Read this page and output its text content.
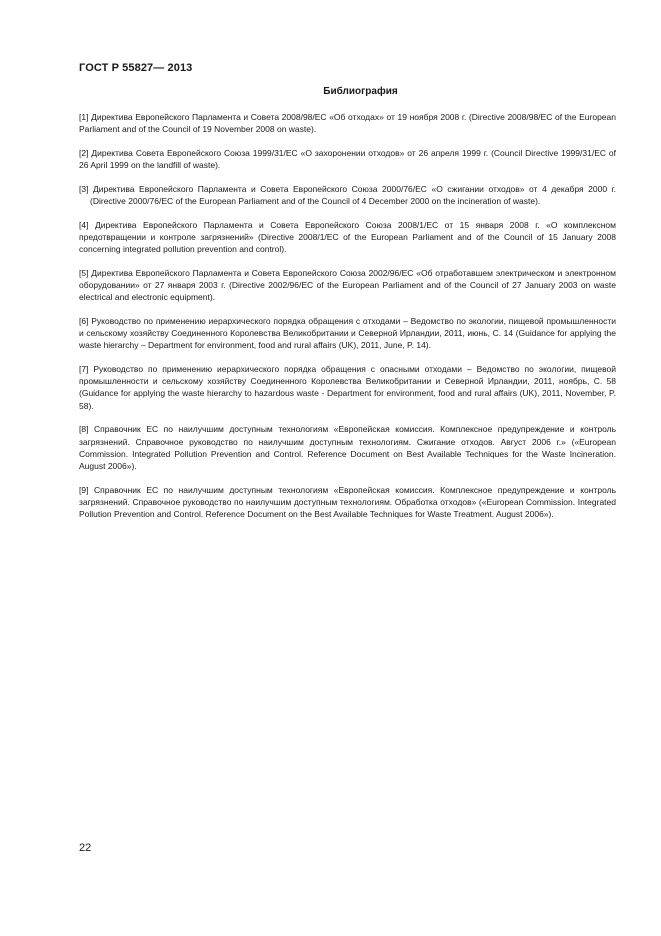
ГОСТ Р 55827— 2013
Библиография

[1] Директива Европейского Парламента и Совета 2008/98/ЕС «Об отходах» от 19 ноября 2008 г. (Directive 2008/98/EC of the European Parliament and of the Council of 19 November 2008 on waste).

[2] Директива Совета Европейского Союза 1999/31/ЕС «О захоронении отходов» от 26 апреля 1999 г. (Council Directive 1999/31/ЕС of 26 April 1999 on the landfill of waste).

[3] Директива Европейского Парламента и Совета Европейского Союза 2000/76/ЕС «О сжигании отходов» от 4 декабря 2000 г. (Directive 2000/76/ЕС of the European Parliament and of the Council of 4 December 2000 on the incineration of waste).

[4] Директива Европейского Парламента и Совета Европейского Союза 2008/1/ЕС от 15 января 2008 г. «О комплексном предотвращении и контроле загрязнений» (Directive 2008/1/ЕС of the European Parliament and of the Council of 15 January 2008 concerning integrated pollution prevention and control).

[5] Директива Европейского Парламента и Совета Европейского Союза 2002/96/ЕС «Об отработавшем электрическом и электронном оборудовании» от 27 января 2003 г. (Directive 2002/96/ЕС of the European Parliament and of the Council of 27 January 2003 on waste electrical and electronic equipment).

[6] Руководство по применению иерархического порядка обращения с отходами – Ведомство по экологии, пищевой промышленности и сельскому хозяйству Соединенного Королевства Великобритании и Северной Ирландии, 2011, июнь, С. 14 (Guidance for applying the waste hierarchy – Department for environment, food and rural affairs (UK), 2011, June, P. 14).

[7] Руководство по применению иерархического порядка обращения с опасными отходами – Ведомство по экологии, пищевой промышленности и сельскому хозяйству Соединенного Королевства Великобритании и Северной Ирландии, 2011, ноябрь, С. 58 (Guidance for applying the waste hierarchy to hazardous waste - Department for environment, food and rural affairs (UK), 2011, November, P. 58).

[8] Справочник ЕС по наилучшим доступным технологиям «Европейская комиссия. Комплексное предупреждение и контроль загрязнений. Справочное руководство по наилучшим доступным технологиям. Сжигание отходов. Август 2006 г.» («European Commission. Integrated Pollution Prevention and Control. Reference Document on Best Available Techniques for the Waste Incineration. August 2006»).

[9] Справочник ЕС по наилучшим доступным технологиям «Европейская комиссия. Комплексное предупреждение и контроль загрязнений. Справочное руководство по наилучшим доступным технологиям. Обработка отходов» («European Commission. Integrated Pollution Prevention and Control. Reference Document on the Best Available Techniques for Waste Treatment. August 2006»).

22
